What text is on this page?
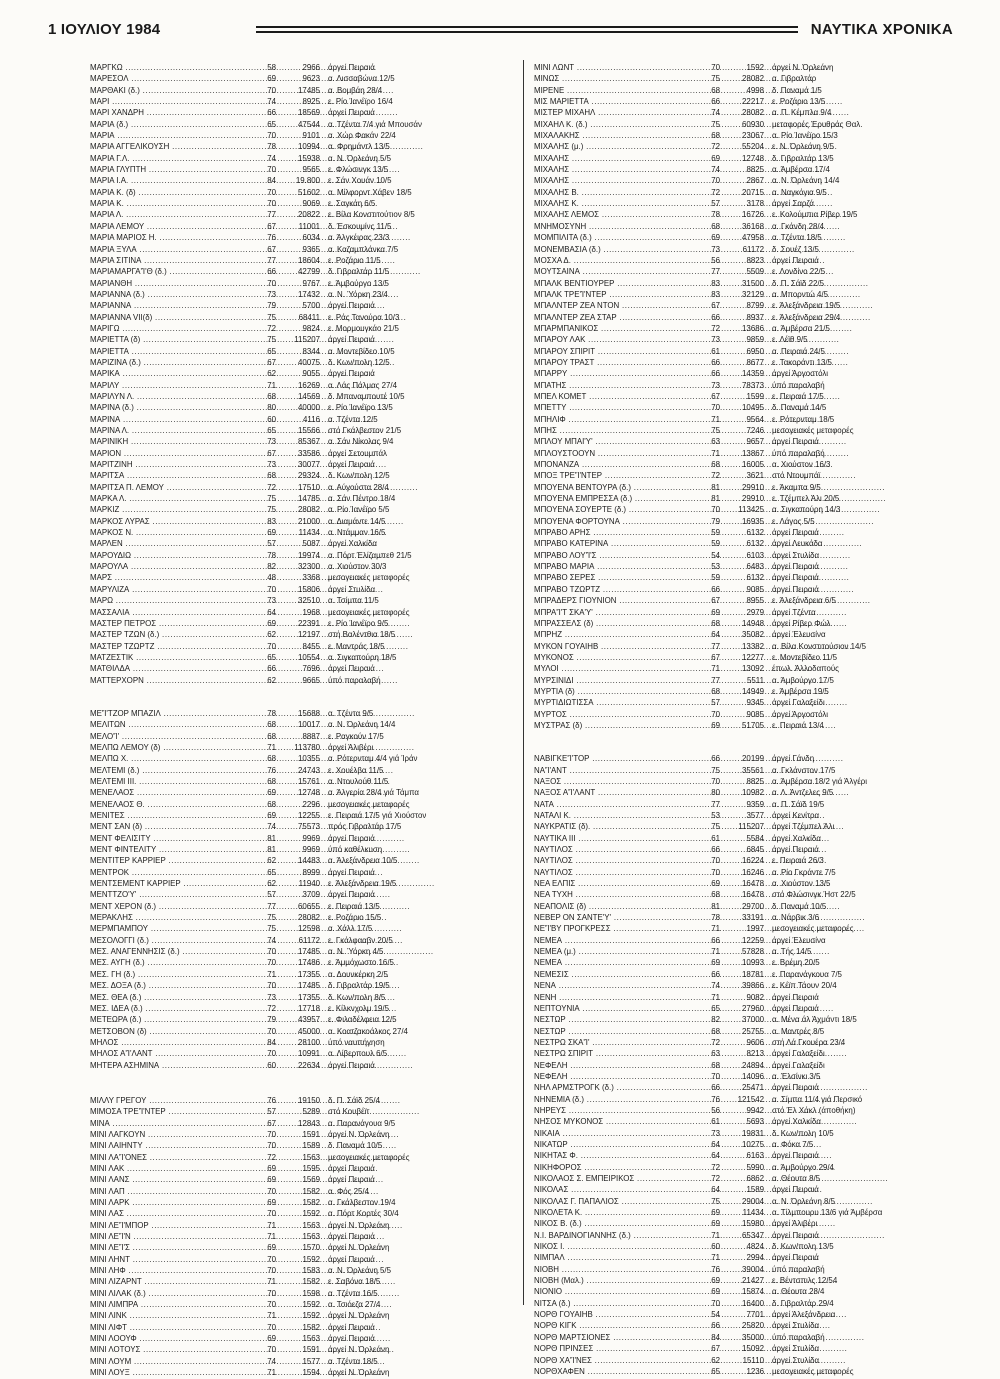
1 ΙΟΥΛΙΟΥ 1984	ΝΑΥΤΙΚΑ ΧΡΟΝΙΚΑ
ΜΑΡΓΚΩ .....	58	2966 άργεί Πειραιά
ΜΑΡΕΣΟΛ .....	69	9623 α. Λισσαβώνα 12/5
ΜΑΡΘΑΚΙ (δ.) .....	70	17485 α. Βομβάη 28/4
ΜΑΡΙ .....	74	8925 ε. Ρίο Ίανέϊρο 16/4
ΜΑΡΙ ΧΑΝΔΡΗ .....	66	18569 άργεί Πειραιά
ΜΑΡΙΑ (δ.) .....	65	47544 α. Τζέντα 7/4 γιά Μπουσάν
ΜΑΡΙΑ .....	70	9101 α. Χώρ Φακάν 22/4
ΜΑΡΙΑ ΑΓΓΕΛΙΚΟΥΣΗ .....	78	10994 α. Φρημάντλ 13/5
ΜΑΡΙΑ Γ.Λ. .....	74	15938 α. Ν. Όρλεάνη 5/5
ΜΑΡΙΑ ΓΛΥΠΤΗ .....	70	9565 ε. Φλώσινγκ 13/5
ΜΑΡΙΑ Ι.Α. .....	84	19.800 ε. Σάν Χουάν 10/5
ΜΑΡΙΑ Κ. (δ) .....	70	51602 α. Μίλφορντ Χάβεν 18/5
ΜΑΡΙΑ Κ. .....	70	9069 ε. Σαγκάη 6/5
ΜΑΡΙΑ Λ. .....	77	20822 ε. Βίλα Κονστιτούτιον 8/5
ΜΑΡΙΑ ΛΕΜΟΥ .....	67	11001 δ. Έσκουμίνς 11/5
ΜΑΡΙΑ ΜΑΡΙΟΣ Η. .....	76	6034 α. Άλγκέιρας 23/3
ΜΑΡΙΑ ΞΥΛΑ .....	67	9365 α. Καζαμπλάνκα 7/5
ΜΑΡΙΑ ΣΙΤΙΝΑ .....	77	18604 ε. Ροζάριο 11/5
ΜΑΡΙΑΜΑΡΓΑ'Ί'Θ (δ.) .....	66	42799 δ. Γιβραλτάρ 11/5
ΜΑΡΙΑΝΘΗ .....	70	9767 ε. Άμβούργο 13/5
ΜΑΡΙΑΝΝΑ (δ.) .....	73	17432 α. Ν. Ύόρκη 23/4
ΜΑΡΙΑΝΝΑ .....	79	5700 άργεί Πειραιά
ΜΑΡΙΑΝΝΑ VII(δ) .....	75	68411 ε. Ράς Τανούρα 10/3
ΜΑΡΙΓΩ .....	72	9824 ε. Μορμουγκάο 21/5
ΜΑΡΙΕΤΤΑ (δ) .....	75	115207 άργεί Πειραιά
ΜΑΡΙΕΤΤΑ .....	65	8344 α. Μοντεβίδεο 10/5
ΜΑΡΙΖΙΝΑ (δ.) .....	67	40075 δ. Κων/πολη 12/5
ΜΑΡΙΚΑ .....	62	9055 άργεί Πειραιά
ΜΑΡΙΛΥ .....	71	16269 α. Λάς Πάλμας 27/4
ΜΑΡΙΛΥΝ Λ. .....	68	14569 δ. Μπαναμπουτέ 10/5
ΜΑΡΙΝΑ (δ.) .....	80	40000 ε. Ρίο Ίανέϊρο 13/5
ΜΑΡΙΝΑ .....	60	4116 α. Τζέντα 12/5
ΜΑΡΙΝΑ Λ. .....	65	15566 στό Γκάλβεστον 21/5
ΜΑΡΙΝΙΚΗ .....	73	85367 α. Σάν Νίκολας 9/4
ΜΑΡΙΟΝ .....	67	33586 άργεί Σετουμπάλ
ΜΑΡΙΤΖΙΝΗ .....	73	30077 άργεί Πειραιά
ΜΑΡΙΤΣΑ .....	68	29324 δ. Κων/πολη 12/5
ΜΑΡΙΤΣΑ Π. ΛΕΜΟΥ .....	72	17510 α. Αύγούστα 28/4
ΜΑΡΚΑ Λ. .....	75	14785 α. Σάν Πέντρο 18/4
ΜΑΡΚΙΖ .....	75	28082 α. Ρίο Ίανέϊρο 5/5
ΜΑΡΚΟΣ ΛΥΡΑΣ .....	83	21000 α. Διαμάντε 14/5
ΜΑΡΚΟΣ Ν. .....	69	11434 α. Ντάμμαν 16/5
ΜΑΡΛΕΝ .....	57	5087 άργεί Χαλκίδα
ΜΑΡΟΥΔΙΩ .....	78	19974 α. Πόρτ Έλίζαμπεθ 21/5
ΜΑΡΟΥΛΑ .....	82	32300 α. Χιούστον 30/3
ΜΑΡΣ .....	48	3368 μεσογειακές μεταφορές
ΜΑΡΥΛΙΖΑ .....	70	15806 άργεί Στυλίδα
ΜΑΡΩ .....	73	32510 α. Τσίμπα 11/5
ΜΑΣΣΑΛΙΑ .....	64	1968 μεσογειακές μεταφορές
ΜΑΣΤΕΡ ΠΕΤΡΟΣ .....	69	22391 ε. Ρίο Ίανέϊρο 9/5
ΜΑΣΤΕΡ ΤΖΩΝ (δ.) .....	62	12197 στή Βαλέντθια 18/5
ΜΑΣΤΕΡ ΤΖΩΡΤΖ .....	70	8455 ε. Μαντράς 18/5
ΜΑΤΖΕΣΤΙΚ .....	65	10554 α. Σιγκαπούρη 18/5
ΜΑΤΘΙΛΔΑ .....	66	7696 άργεί Πειραιά
ΜΑΤΤΕΡΧΟΡΝ .....	62	9665 ύπό παραλαβή
ΜΕ'Ί'ΤΖΟΡ ΜΠΑΖΙΛ .....	78	15688 α. Τζέντα 9/5
ΜΕΛΙΤΩΝ .....	68	10017 α. Ν. Όρλεάνη 14/4
ΜΕΛΟ'Ί' .....	68	8887 ε. Ραγκούν 17/5
ΜΕΛΠΩ ΛΕΜΟΥ (δ) .....	71	113780 άργεί Άλιβέρι
ΜΕΛΠΩ Χ. .....	68	10355 α. Ρότερνταμ 4/4 γιά Ίράν
ΜΕΛΤΕΜΙ (δ.) .....	76	24743 ε. Χουέλβα 11/5
ΜΕΛΤΕΜΙ ΙΙΙ. .....	68	15761 α. Ντουλούθ 11/5
ΜΕΝΕΛΑΟΣ .....	69	12748 α. Άλγερία 28/4 γιά Τάμπα
ΜΕΝΕΛΑΟΣ Θ. .....	68	2296 μεσογειακές μεταφορές
ΜΕΝΙΤΕΣ .....	69	12255 ε. Πειραιά 17/5 γιά Χιούστον
ΜΕΝΤ ΣΑΝ (δ) .....	74	75573 πρός Γιβραλτάρ 17/5
ΜΕΝΤ ΦΕΛΙΣΙΤΥ .....	81	9969 άργεί Πειραιά
ΜΕΝΤ ΦΙΝΤΕΛΙΤΥ .....	81	9969 ύπό καθέλκυση
ΜΕΝΤΙΤΕΡ ΚΑΡΡΙΕΡ .....	62	14483 α. Άλεξάνδρεια 10/5
ΜΕΝΤΡΟΚ .....	65	8999 άργεί Πειραιά
ΜΕΝΤΣΕΜΕΝΤ ΚΑΡΡΙΕΡ .....	62	11940 ε. Άλεξάνδρεια 19/5
ΜΕΝΤΤΖΟ'Υ' .....	57	3709 άργεί Πειραιά
ΜΕΝΤ ΧΕΡΟΝ (δ.) .....	77	60655 ε. Πειραιά 13/5
ΜΕΡΑΚΛΗΣ .....	75	28082 ε. Ροζάριο 15/5
ΜΕΡΜΠΑΜΠΟΥ .....	75	12598 α. Χάλλ 17/5
ΜΕΣΟΛΟΓΓΙ (δ.) .....	74	61172 ε. Γκάλφααβν 20/5
ΜΕΣ. ΑΝΑΓΕΝΝΗΣΙΣ (δ.) .....	70	17485 α. Ν. Ύόρκη 4/5
ΜΕΣ. ΑΥΓΗ (δ.) .....	70	17486 ε. Άμμόχωστο 16/5
ΜΕΣ. ΓΗ (δ.) .....	71	17355 α. Δουνκέρκη 2/5
ΜΕΣ. ΔΟΞΑ (δ.) .....	70	17485 δ. Γιβραλτάρ 19/5
ΜΕΣ. ΘΕΑ (δ.) .....	73	17355 δ. Κων/πολη 8/5
ΜΕΣ. ΙΔΕΑ (δ.) .....	72	17718 ε. Κίλκνχολμ 19/5
ΜΕΤΕΩΡΑ (δ.) .....	79	43957 ε. Φιλαδέλφεια 12/5
ΜΕΤΣΟΒΟΝ (δ) .....	70	45000 α. Κοατζακοάλκος 27/4
ΜΗΛΟΣ .....	84	28100 ύπό ναυπήγηση
ΜΗΛΟΣ Α'Ί'ΛΑΝΤ .....	70	10991 α. Λίβερπουλ 6/5
ΜΗΤΕΡΑ ΑΣΗΜΙΝΑ .....	60	22634 άργεί Πειραιά
ΜΙΛΛΥ ΓΡΕΓΟΥ .....	76	19150 δ. Π. Σάϊδ 25/4
ΜΙΜΟΣΑ ΤΡΕ'Ί'ΝΤΕΡ .....	57	5289 στό Κουβέϊτ
ΜΙΝΑ .....	67	12843 α. Παρανάγουα 9/5
ΜΙΝΙ ΛΑΓΚΟΥΝ .....	70	1591 άργεί Ν. Όρλεάνη
ΜΙΝΙ ΛΑΙΗΝΤΥ .....	70	1589 δ. Παναμά 10/5
ΜΙΝΙ ΛΑ'Ί'ΟΝΕΣ .....	72	1563 μεσογειακές μεταφορές
ΜΙΝΙ ΛΑΚ .....	69	1595 άργεί Πειραιά
ΜΙΝΙ ΛΑΝΣ .....	69	1569 άργεί Πειραιά
ΜΙΝΙ ΛΑΠ .....	70	1582 α. Φός 25/4
ΜΙΝΙ ΛΑΡΚ .....	69	1582 α. Γκάλβεστον 19/4
ΜΙΝΙ ΛΑΣ .....	70	1592 α. Πόρτ Κορτές 30/4
ΜΙΝΙ ΛΕ'Ί'ΜΠΟΡ .....	71	1563 άργεί Ν. Όρλεάνη
ΜΙΝΙ ΛΕ'Ί'Ν .....	71	1563 άργεί Πειραιά
ΜΙΝΙ ΛΕ'Ί'Σ .....	69	1570 άργεί Ν. Όρλεάνη
ΜΙΝΙ ΛΗΝΤ .....	70	1592 άργεί Πειραιά
ΜΙΝΙ ΛΗΦ .....	70	1583 α. Ν. Όρλεάνη 5/5
ΜΙΝΙ ΛΙΖΑΡΝΤ .....	71	1582 ε. Σαβόνα 18/5
ΜΙΝΙ ΛΙΛΑΚ (δ.) .....	70	1598 α. Τζέντα 16/5
ΜΙΝΙ ΛΙΜΠΡΑ .....	70	1592 α. Τσιόεζα 27/4
ΜΙΝΙ ΛΙΝΚ .....	71	1592 άργεί Ν. Όρλεάνη
ΜΙΝΙ ΛΙΦΤ .....	70	1582 άργεί Πειραιά
ΜΙΝΙ ΛΟΟΥΦ .....	69	1563 άργεί Πειραιά
ΜΙΝΙ ΛΟΤΟΥΣ .....	70	1591 άργεί Ν. Όρλεάνη
ΜΙΝΙ ΛΟΥΜ .....	74	1577 α. Τζέντα 18/5
ΜΙΝΙ ΛΟΥΞ .....	71	1594 άργεί Ν. Όρλεάνη
ΜΙΝΙ ΛΩΝΤ .....	70	1592 άργεί Ν. Όρλεάνη
ΜΙΝΩΣ .....	75	28082 α. Γιβραλτάρ
ΜΙΡΕΝΕ .....	68	4998 δ. Παναμά 1/5
ΜΙΣ ΜΑΡΙΕΤΤΑ .....	66	22217 ε. Ροζάριο 13/5
ΜΙΣΤΕΡ ΜΙΧΑΗΛ .....	74	28082 α. Π. Κέμπλα 9/4
ΜΙΧΑΗΛ Κ. (δ.) .....	75	60930 μεταφορές Έρυθράς Θαλ.
ΜΙΧΑΛΑΚΗΣ .....	68	23067 α. Ρίο Ίανέϊρο 15/3
ΜΙΧΑΛΗΣ (μ.) .....	72	55204 ε. Ν. Όρλεάνη 9/5
ΜΙΧΑΛΗΣ .....	69	12748 δ. Γιβραλτάρ 13/5
ΜΙΧΑΛΗΣ .....	74	8825 α. Άμβέρσα 17/4
ΜΙΧΑΛΗΣ .....	70	2867 α. Ν. Όρλεάνη 14/4
ΜΙΧΑΛΗΣ Β. .....	72	20715 α. Ναγκόγια 9/5
ΜΙΧΑΛΗΣ Κ. .....	57	3178 άργεί Σαρζά
ΜΙΧΑΛΗΣ ΛΕΜΟΣ .....	78	16726 ε. Κολούμπια Ρίβερ 19/5
ΜΝΗΜΟΣΥΝΗ .....	68	36168 α. Γκάνδη 28/4
ΜΟΜΠΙΛΙΤΑ (δ.) .....	69	47958 α. Τζέντα 18/5
ΜΟΝΕΜΒΑΣΙΑ (δ.) .....	73	61172 δ. Σουέζ 13/5
ΜΟΣΧΑ Δ. .....	56	8823 άργεί Πειραιά
ΜΟΥΤΣΑΙΝΑ .....	77	5509 ε. Λονδίνο 22/5
ΜΠΑΛΚ ΒΕΝΤΙΟΥΡΕΡ .....	83	31500 δ. Π. Σάϊδ 22/5
ΜΠΑΛΚ ΤΡΕ'Ί'ΝΤΕΡ .....	83	32129 α. Μπορντώ 4/5
ΜΠΑΛΝΤΕΡ ΖΕΑ ΝΤΟΝ .....	67	8799 ε. Άλεξάνδρεια 19/5
ΜΠΑΛΝΤΕΡ ΖΕΑ ΣΤΑΡ .....	66	8937 ε. Άλεξάνδρεια 29/4
ΜΠΑΡΜΠΑΝΙΚΟΣ .....	72	13686 α. Άμβέρσα 21/5
ΜΠΑΡΟΥ ΛΑΚ .....	73	9859 ε. Λέϊθ 9/5
ΜΠΑΡΟΥ ΣΠΙΡΙΤ .....	61	6950 α. Πειραιά 24/5
ΜΠΑΡΟΥ ΤΡΑΣΤ .....	66	8677 ε. Τακοράντι 13/5
ΜΠΑΡΡΥ .....	66	14359 άργεί Άργοστόλι
ΜΠΑΤΗΣ .....	73	78373 ύπό παραλαβή
ΜΠΕΛ ΚΟΜΕΤ .....	67	1599 ε. Πειραιά 17/5
ΜΠΕΤΤΥ .....	70	10495 δ. Παναμά 14/5
ΜΠΗΛΙΦ .....	71	9564 ε. Ρότερνταμ 18/5
ΜΠΗΣ .....	75	7246 μεσογειακές μεταφορές
ΜΠΛΟΥ ΜΠΑΙ'Υ' .....	63	9657 άργεί Πειραιά
ΜΠΛΟΥΣΤΟΟΥΝ .....	71	13867 ύπό παραλαβή
ΜΠΟΝΑΝΖΑ .....	68	16005 α. Χιούστον 16/3
ΜΠΟΞ ΤΡΕ'Ί'ΝΤΕΡ .....	72	3621 στό Ντουμπάϊ
ΜΠΟΥΕΝΑ ΒΕΝΤΟΥΡΑ (δ.) .....	81	29910 ε. Άκαμπα 9/5
ΜΠΟΥΕΝΑ ΕΜΠΡΕΣΣΑ (δ.) .....	81	29910 ε. Τζέμπελ Άλι 20/5
ΜΠΟΥΕΝΑ ΣΟΥΕΡΤΕ (δ.) .....	70	113425 α. Σιγκαπούρη 14/3
ΜΠΟΥΕΝΑ ΦΟΡΤΟΥΝΑ .....	79	16935 ε. Λάγος 5/5
ΜΠΡΑΒΟ ΑΡΗΣ .....	59	6132 άργεί Πειραιά
ΜΠΡΑΒΟ ΚΑΤΕΡΙΝΑ .....	59	6132 άργεί Λευκάδα
ΜΠΡΑΒΟ ΛΟΥ'Ί'Σ .....	54	6103 άργεί Στυλίδα
ΜΠΡΑΒΟ ΜΑΡΙΑ .....	53	6483 άργεί Πειραιά
ΜΠΡΑΒΟ ΣΕΡΕΣ .....	59	6132 άργεί Πειραιά
ΜΠΡΑΒΟ ΤΖΩΡΤΖ .....	66	9085 άργεί Πειραιά
ΜΠΡΑΔΕΡΣ ΓΙΟΥΝΙΟΝ .....	67	8955 ε. Άλεξάνδρεια 6/5
ΜΠΡΑ'Ί'Τ ΣΚΑ'Υ' .....	69	2979 άργεί Τζέντα
ΜΠΡΑΣΣΕΛΣ (δ) .....	68	14948 άργεί Ρίβερ Φώλ
ΜΠΡΗΖ .....	64	35082 άργεί Έλευσίνα
ΜΥΚΟΝ ΓΟΥΑΙΗΒ .....	77	13382 α. Βίλα Κονστιτούσιον 14/5
ΜΥΚΟΝΟΣ .....	67	12277 ε. Μοντεβίδεο 11/5
ΜΥΛΟΙ .....	71	13092 έπωλ. Άλλοδαπούς
ΜΥΡΣΙΝΙΔΙ .....	77	5511 α. Άμβούργο 17/5
ΜΥΡΤΙΑ (δ) .....	68	14949 ε. Άμβέρσα 19/5
ΜΥΡΤΙΔΙΩΤΙΣΣΑ .....	57	9345 άργεί Γαλαξείδι
ΜΥΡΤΟΣ .....	70	9085 άργεί Άργοστόλι
ΜΥΣΤΡΑΣ (δ) .....	69	51705 ε. Πειραιά 13/4
ΝΑΒΙΓΚΕ'Ί'ΤΟΡ .....	66	20199 άργεί Γάνδη
ΝΑ'Ί'ΑΝΤ .....	75	35561 α. Γκλάνστον 17/5
ΝΑΞΟΣ .....	70	8825 α. Άμβέρσα 18/2 γιά Άλγέρι
ΝΑΞΟΣ Α'Ί'ΛΑΝΤ .....	80	10982 α. Λ. Άντζελες 9/5
ΝΑΤΑ .....	77	9359 α. Π. Σάϊδ 19/5
ΝΑΤΑΛΙ Κ. .....	53	3577 άργεί Κενίτρα
ΝΑΥΚΡΑΤΙΣ (δ). .....	75	115207 άργεί Τζέμπελ Άλι
ΝΑΥΤΙΚΑ ΙΙΙ .....	61	5584 άργεί Χαλκίδα
ΝΑΥΤΙΛΟΣ .....	66	6845 άργεί Πειραιά
ΝΑΥΤΙΛΟΣ .....	70	16224 ε. Πειραιά 26/3
ΝΑΥΤΙΛΟΣ .....	70	16246 α. Ρίο Γκράντε 7/5
ΝΕΑ ΕΛΠΙΣ .....	69	16478 α. Χιούστον 13/5
ΝΕΑ ΤΥΧΗ .....	68	16478 στό Φλώσινγκ Ήστ 22/5
ΝΕΑΠΟΛΙΣ (δ) .....	81	29700 δ. Παναμά 10/5
ΝΕΒΕΡ ΟΝ ΣΑΝΤΕ'Υ' .....	78	33191 α. Νάρβικ 3/6
ΝΕ'Ί'ΒΥ ΠΡΟΓΚΡΕΣΣ .....	71	1997 μεσογειακές μεταφορές
ΝΕΜΕΑ .....	66	12259 άργεί Έλευσίνα
ΝΕΜΕΑ (μ.) .....	71	57828 α. Τής 14/5
ΝΕΜΕΑ .....	69	10993 ε. Βρέμη 20/5
ΝΕΜΕΣΙΣ .....	66	18781 ε. Παρανάγκουα 7/5
ΝΕΝΑ .....	74	39866 ε. Κέϊπ Τάουν 20/4
ΝΕΝΗ .....	71	9082 άργεί Πειραιά
ΝΕΠΤΟΥΝΙΑ .....	65	27960 άργεί Πειραιά
ΝΕΣΤΩΡ .....	82	37000 α. Μένα άλ Άχμάντι 18/5
ΝΕΣΤΩΡ .....	68	25755 α. Μαντρές 8/5
ΝΕΣΤΡΩ ΣΚΑ'Ί' .....	72	9606 στή Λά Γκουέρα 23/4
ΝΕΣΤΡΩ ΣΠΙΡΙΤ .....	63	8213 άργεί Γαλαξείδι
ΝΕΦΕΛΗ .....	68	24894 άργεί Γαλαξείδι
ΝΕΦΕΛΗ .....	70	14096 α. Έλσίνκι 3/5
ΝΗΛ ΑΡΜΣΤΡΟΓΚ (δ.) .....	66	25471 άργεί Πειραιά
ΝΗΝΕΜΙΑ (δ.) .....	76	121542 α. Σίμπα 11/4 γιά Περσικό
ΝΗΡΕΥΣ .....	56	9942 στό Έλ Χάκλ (άποθήκη)
ΝΗΣΟΣ ΜΥΚΟΝΟΣ .....	61	5693 άργεί Χαλκίδα
ΝΙΚΑΙΑ .....	73	19831 δ. Κων/πολη 10/5
ΝΙΚΑΤΩΡ .....	64	10275 α. Φόκα 7/5
ΝΙΚΗΤΑΣ Φ. .....	64	6163 άργεί Πειραιά
ΝΙΚΗΦΟΡΟΣ .....	72	5990 α. Άμβούργο 29/4
ΝΙΚΟΛΑΟΣ Σ. ΕΜΠΕΙΡΙΚΟΣ .....	72	6862 α. Θέουτα 8/5
ΝΙΚΟΛΑΣ .....	64	1589 άργεί Πειραιά
ΝΙΚΟΛΑΣ Γ. ΠΑΠΑΛΙΟΣ .....	75	29004 α. Ν. Όρλεάνη 8/5
ΝΙΚΟΛΕΤΑ Κ. .....	69	11434 α. Τίλμπουρυ 13/6 γιά Άμβέρσα
ΝΙΚΟΣ Β. (δ.) .....	69	15980 άργεί Άλιβέρι
Ν.Ι. ΒΑΡΔΙΝΟΓΙΑΝΝΗΣ (δ.) .....	71	65347 άργεί Πειραιά
ΝΙΚΟΣ Ι. .....	60	4824 δ. Κων/πολη 13/5
ΝΙΜΠΑΛ .....	71	2994 άργεί Πειραιά
ΝΙΟΒΗ .....	76	39004 ύπό παραλαβή
ΝΙΟΒΗ (Μαλ.) .....	69	21427 ε. Βέντσπιλς 12/54
ΝΙΟΝΙΟ .....	69	15874 α. Θέουτα 28/4
ΝΙΤΣΑ (δ.) .....	70	16400 δ. Γιβραλτάρ 29/4
ΝΟΡΘ ΓΟΥΑΙΗΒ .....	54	7701 άργεί Άλεξάνδρεια
ΝΟΡΘ ΚΙΓΚ .....	66	25820 άργεί Στυλίδα
ΝΟΡΘ ΜΑΡΤΣΙΟΝΕΣ .....	84	35000 ύπό παραλαβή
ΝΟΡΘ ΠΡΙΝΣΕΣ .....	67	15092 άργεί Στυλίδα
ΝΟΡΘ ΧΑ'Ί'ΝΕΣ .....	62	15110 άργεί Στυλίδα
ΝΟΡΘΧΑΦΕΝ .....	65	1236 μεσογειακές μεταφορές
